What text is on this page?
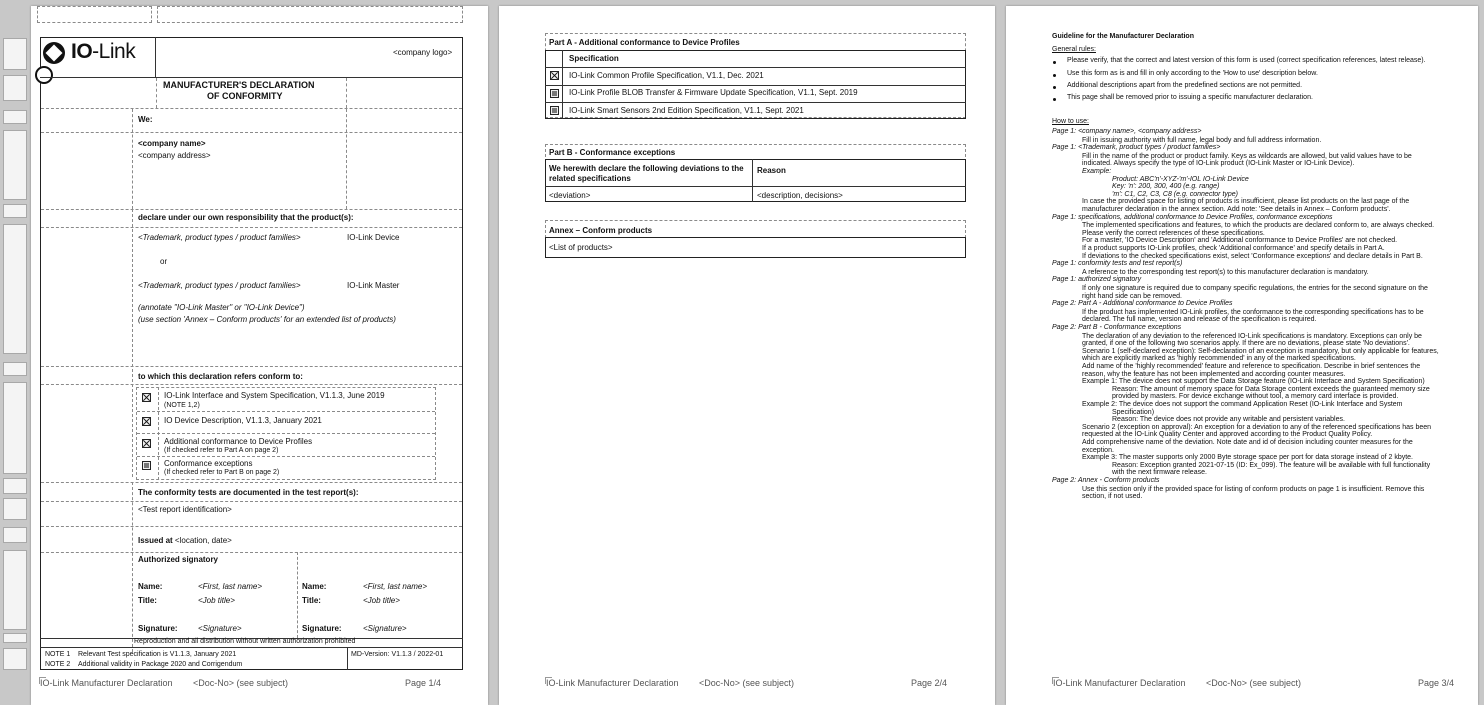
IO-Link	<company logo>
MANUFACTURER'S DECLARATION
OF CONFORMITY
We:
<company name>
<company address>
declare under our own responsibility that the product(s):
<Trademark, product types / product families>	IO-Link Device
or
<Trademark, product types / product families>	IO-Link Master
(annotate "IO-Link Master" or "IO-Link Device")
(use section 'Annex – Conform products' for an extended list of products)
to which this declaration refers conform to:
IO-Link Interface and System Specification, V1.1.3, June 2019
(NOTE 1,2)
IO Device Description, V1.1.3, January 2021
Additional conformance to Device Profiles
(If checked refer to Part A on page 2)
Conformance exceptions
(If checked refer to Part B on page 2)
The conformity tests are documented in the test report(s):
<Test report identification>
Issued at <location, date>
Authorized signatory
Name:	<First, last name>
Title:	<Job title>
Signature:	<Signature>
Name:	<First, last name>
Title:	<Job title>
Signature:	<Signature>
Reproduction and all distribution without written authorization prohibited
NOTE 1 Relevant Test specification is V1.1.3, January 2021
NOTE 2 Additional validity in Package 2020 and Corrigendum
MD-Version: V1.1.3 / 2022-01
IO-Link Manufacturer Declaration <Doc-No> (see subject)	Page 1/4
Part A - Additional conformance to Device Profiles
Specification
IO-Link Common Profile Specification, V1.1, Dec. 2021
IO-Link Profile BLOB Transfer & Firmware Update Specification, V1.1, Sept. 2019
IO-Link Smart Sensors 2nd Edition Specification, V1.1, Sept. 2021
Part B - Conformance exceptions
We herewith declare the following deviations to the related specifications
Reason
<deviation>	<description, decisions>
Annex – Conform products
<List of products>
IO-Link Manufacturer Declaration <Doc-No> (see subject)	Page 2/4
Guideline for the Manufacturer Declaration
General rules:
Please verify, that the correct and latest version of this form is used (correct specification references, latest release).
Use this form as is and fill in only according to the 'How to use' description below.
Additional descriptions apart from the predefined sections are not permitted.
This page shall be removed prior to issuing a specific manufacturer declaration.
How to use:
Page 1: <company name>, <company address>
Fill in issuing authority with full name, legal body and full address information.
Page 1: <Trademark, product types / product families>
Fill in the name of the product or product family. Keys as wildcards are allowed, but valid values have to be
indicated. Always specify the type of IO-Link product (IO-Link Master or IO-Link Device).
Example:
Product: ABC'n'-XYZ-'m'-IOL IO-Link Device
Key: 'n': 200, 300, 400 (e.g. range)
'm': C1, C2, C3, C8 (e.g. connector type)
In case the provided space for listing of products is insufficient, please list products on the last page of the
manufacturer declaration in the annex section. Add note: 'See details in Annex – Conform products'.
Page 1: specifications, additional conformance to Device Profiles, conformance exceptions
The implemented specifications and features, to which the products are declared conform to, are always checked.
Please verify the correct references of these specifications.
For a master, 'IO Device Description' and 'Additional conformance to Device Profiles' are not checked.
If a product supports IO-Link profiles, check 'Additional conformance' and specify details in Part A.
If deviations to the checked specifications exist, select 'Conformance exceptions' and declare details in Part B.
Page 1: conformity tests and test report(s)
A reference to the corresponding test report(s) to this manufacturer declaration is mandatory.
Page 1: authorized signatory
If only one signature is required due to company specific regulations, the entries for the second signature on the
right hand side can be removed.
Page 2: Part A - Additional conformance to Device Profiles
If the product has implemented IO-Link profiles, the conformance to the corresponding specifications has to be
declared. The full name, version and release of the specification is required.
Page 2: Part B - Conformance exceptions
The declaration of any deviation to the referenced IO-Link specifications is mandatory. Exceptions can only be
granted, if one of the following two scenarios apply. If there are no deviations, please state 'No deviations'.
Scenario 1 (self-declared exception): Self-declaration of an exception is mandatory, but only applicable for features,
which are explicitly marked as 'highly recommended' in any of the marked specifications.
Add name of the 'highly recommended' feature and reference to specification. Describe in brief sentences the
reason, why the feature has not been implemented and according counter measures.
Example 1: The device does not support the Data Storage feature (IO-Link Interface and System Specification)
Reason: The amount of memory space for Data Storage content exceeds the guaranteed memory size
provided by masters. For device exchange without tool, a memory card interface is provided.
Example 2: The device does not support the command Application Reset (IO-Link Interface and System
Specification)
Reason: The device does not provide any writable and persistent variables.
Scenario 2 (exception on approval): An exception for a deviation to any of the referenced specifications has been
requested at the IO-Link Quality Center and approved according to the Product Quality Policy.
Add comprehensive name of the deviation. Note date and id of decision including counter measures for the
exception.
Example 3: The master supports only 2000 Byte storage space per port for data storage instead of 2 kbyte.
Reason: Exception granted 2021-07-15 (ID: Ex_099). The feature will be available with full functionality
with the next firmware release.
Page 2: Annex - Conform products
Use this section only if the provided space for listing of conform products on page 1 is insufficient. Remove this
section, if not used.
IO-Link Manufacturer Declaration <Doc-No> (see subject)	Page 3/4
